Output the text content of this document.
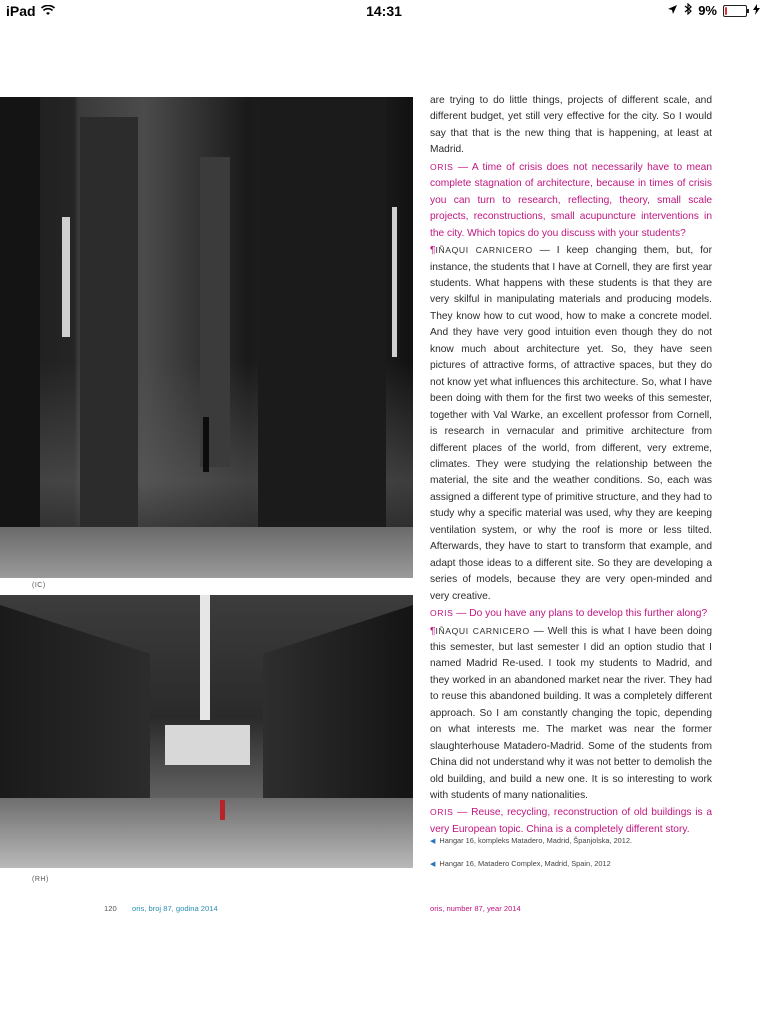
iPad	14:31	9%
(IC)
(RH)

are trying to do little things, projects of different scale, and different budget, yet still very effective for the city. So I would say that that is the new thing that is happening, at least at Madrid.

ORIS — A time of crisis does not necessarily have to mean complete stagnation of architecture, because in times of crisis you can turn to research, reflecting, theory, small scale projects, reconstructions, small acupuncture interventions in the city. Which topics do you discuss with your students?

¶IÑAQUI CARNICERO — I keep changing them, but, for instance, the students that I have at Cornell, they are first year students. What happens with these students is that they are very skilful in manipulating materials and producing models. They know how to cut wood, how to make a concrete model. And they have very good intuition even though they do not know much about architecture yet. So, they have seen pictures of attractive forms, of attractive spaces, but they do not know yet what influences this architecture. So, what I have been doing with them for the first two weeks of this semester, together with Val Warke, an excellent professor from Cornell, is research in vernacular and primitive architecture from different places of the world, from different, very extreme, climates. They were studying the relationship between the material, the site and the weather conditions. So, each was assigned a different type of primitive structure, and they had to study why a specific material was used, why they are keeping ventilation system, or why the roof is more or less tilted. Afterwards, they have to start to transform that example, and adapt those ideas to a different site. So they are developing a series of models, because they are very open-minded and very creative.

ORIS — Do you have any plans to develop this further along?

¶IÑAQUI CARNICERO — Well this is what I have been doing this semester, but last semester I did an option studio that I named Madrid Re-used. I took my students to Madrid, and they worked in an abandoned market near the river. They had to reuse this abandoned building. It was a completely different approach. So I am constantly changing the topic, depending on what interests me. The market was near the former slaughterhouse Matadero-Madrid. Some of the students from China did not understand why it was not better to demolish the old building, and build a new one. It is so interesting to work with students of many nationalities.

ORIS — Reuse, recycling, reconstruction of old buildings is a very European topic. China is a completely different story.

◀ Hangar 16, kompleks Matadero, Madrid, Španjolska, 2012.
◀ Hangar 16, Matadero Complex, Madrid, Spain, 2012
120 oris, broj 87, godina 2014	oris, number 87, year 2014
